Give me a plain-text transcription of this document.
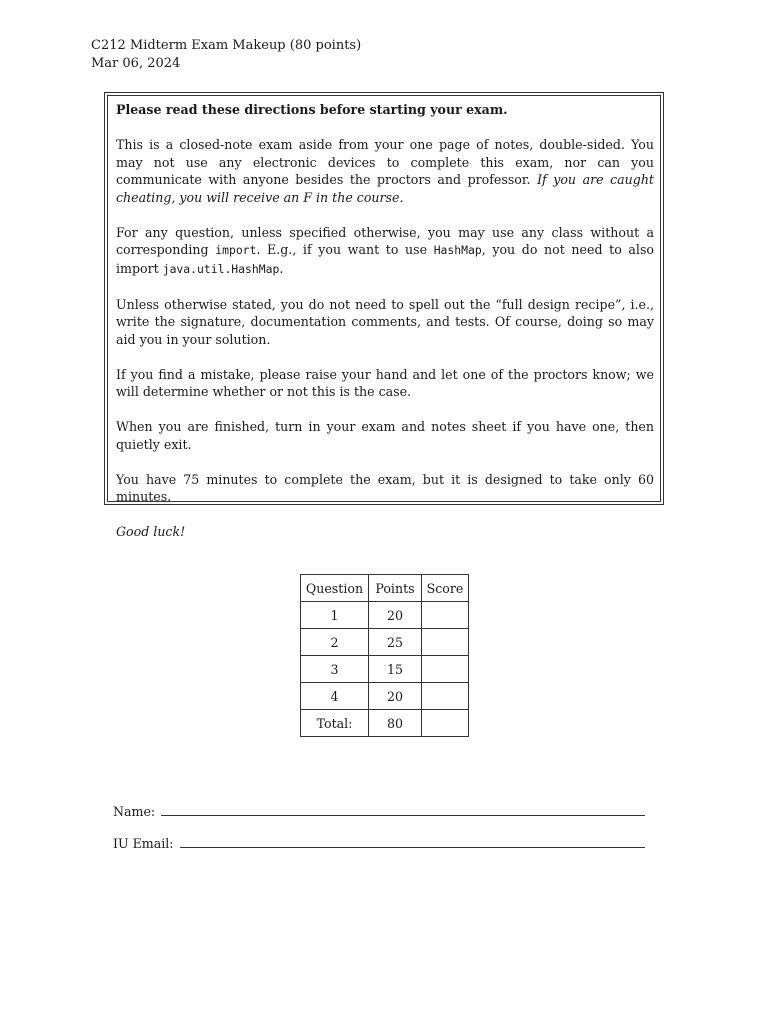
C212 Midterm Exam Makeup (80 points)
Mar 06, 2024

Please read these directions before starting your exam.

This is a closed-note exam aside from your one page of notes, double-sided. You may not use any electronic devices to complete this exam, nor can you communicate with anyone besides the proctors and professor. If you are caught cheating, you will receive an F in the course.

For any question, unless specified otherwise, you may use any class without a corresponding import. E.g., if you want to use HashMap, you do not need to also import java.util.HashMap.

Unless otherwise stated, you do not need to spell out the “full design recipe”, i.e., write the signature, documentation comments, and tests. Of course, doing so may aid you in your solution.

If you find a mistake, please raise your hand and let one of the proctors know; we will determine whether or not this is the case.

When you are finished, turn in your exam and notes sheet if you have one, then quietly exit.

You have 75 minutes to complete the exam, but it is designed to take only 60 minutes.

Good luck!

Question	Points	Score
1	20	
2	25	
3	15	
4	20	
Total:	80	
Name:
IU Email:
